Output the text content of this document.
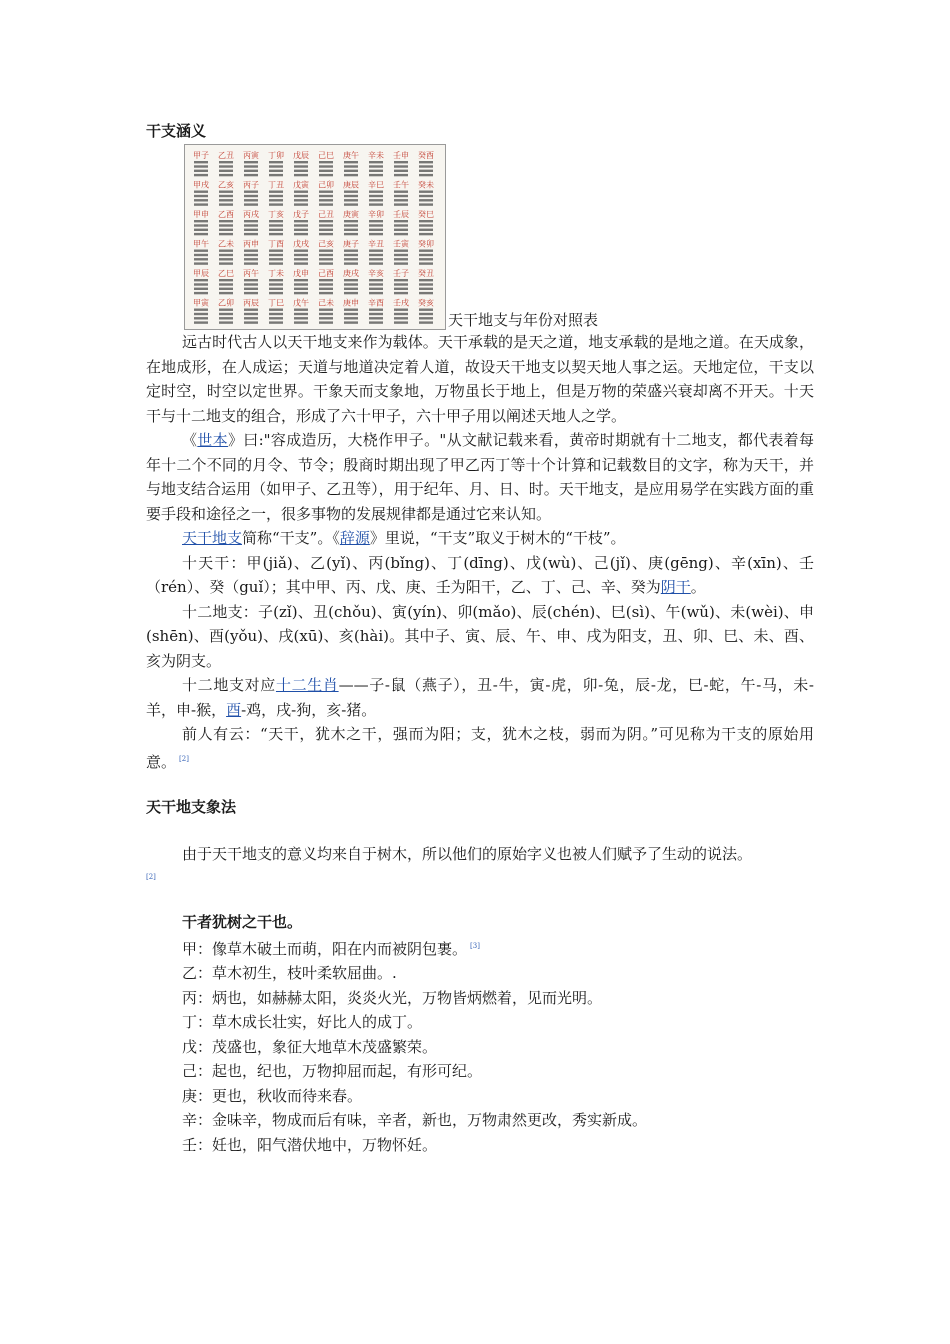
干支涵义
甲子 乙丑 丙寅 丁卯 戊辰 己巳 庚午 辛未 壬申 癸酉
甲戌 乙亥 丙子 丁丑 戊寅 己卯 庚辰 辛巳 壬午 癸未
甲申 乙酉 丙戌 丁亥 戊子 己丑 庚寅 辛卯 壬辰 癸巳
甲午 乙未 丙申 丁酉 戊戌 己亥 庚子 辛丑 壬寅 癸卯
甲辰 乙巳 丙午 丁未 戊申 己酉 庚戌 辛亥 壬子 癸丑
甲寅 乙卯 丙辰 丁巳 戊午 己未 庚申 辛酉 壬戌 癸亥
天干地支与年份对照表

远古时代古人以天干地支来作为载体。天干承载的是天之道，地支承载的是地之道。在天成象，在地成形，在人成运；天道与地道决定着人道，故设天干地支以契天地人事之运。天地定位，干支以定时空，时空以定世界。干象天而支象地，万物虽长于地上，但是万物的荣盛兴衰却离不开天。十天干与十二地支的组合，形成了六十甲子，六十甲子用以阐述天地人之学。

《世本》曰:"容成造历，大桡作甲子。"从文献记载来看，黄帝时期就有十二地支，都代表着每年十二个不同的月令、节令；殷商时期出现了甲乙丙丁等十个计算和记载数目的文字，称为天干，并与地支结合运用（如甲子、乙丑等），用于纪年、月、日、时。天干地支，是应用易学在实践方面的重要手段和途径之一，很多事物的发展规律都是通过它来认知。

天干地支简称“干支”。《辞源》里说，“干支”取义于树木的“干枝”。

十天干：甲(jiǎ)、乙(yǐ)、丙(bǐng)、丁(dīng)、戊(wù)、己(jǐ)、庚(gēng)、辛(xīn)、壬（rén）、癸（guǐ）；其中甲、丙、戊、庚、壬为阳干，乙、丁、己、辛、癸为阴干。

十二地支：子(zǐ)、丑(chǒu)、寅(yín)、卯(mǎo)、辰(chén)、巳(sì)、午(wǔ)、未(wèi)、申(shēn)、酉(yǒu)、戌(xū)、亥(hài)。其中子、寅、辰、午、申、戌为阳支，丑、卯、巳、未、酉、亥为阴支。

十二地支对应十二生肖——子-鼠（燕子），丑-牛，寅-虎，卯-兔，辰-龙，巳-蛇，午-马，未-羊，申-猴，酉-鸡，戌-狗，亥-猪。

前人有云：“天干，犹木之干，强而为阳；支，犹木之枝，弱而为阴。”可见称为干支的原始用意。 [2]

天干地支象法

由于天干地支的意义均来自于树木，所以他们的原始字义也被人们赋予了生动的说法。

[2]

干者犹树之干也。

甲：像草木破土而萌，阳在内而被阴包裹。 [3]

乙：草木初生，枝叶柔软屈曲。.

丙：炳也，如赫赫太阳，炎炎火光，万物皆炳燃着，见而光明。

丁：草木成长壮实，好比人的成丁。

戊：茂盛也，象征大地草木茂盛繁荣。

己：起也，纪也，万物抑屈而起，有形可纪。

庚：更也，秋收而待来春。

辛：金味辛，物成而后有味，辛者，新也，万物肃然更改，秀实新成。

壬：妊也，阳气潜伏地中，万物怀妊。
